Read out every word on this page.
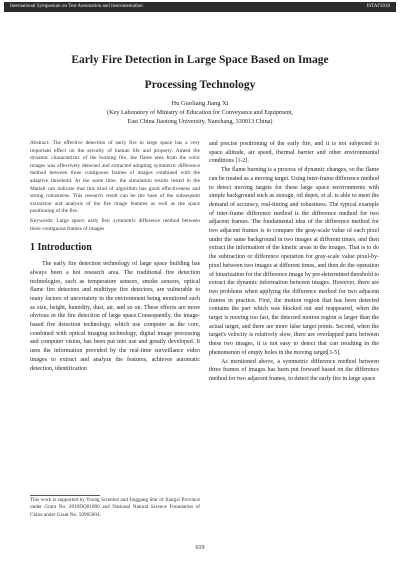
International Symposium on Test Automation and Instrumentation	ISTAI'2010
Early Fire Detection in Large Space Based on Image
Processing Technology
Hu Guoliang Jiang Xi
(Key Laboratory of Ministry of Education for Conveyance and Equipment,
East China Jiaotong University, Nanchang, 330013 China)

Abstract: The effective detection of early fire in large space has a very important effect on the security of human life and property. Aimed the dynamic characteristic of the burning fire, the flame area from the color images was effectively detected and extracted adopting symmetric difference method between three contiguous frames of images combined with the adaptive threshold. At the same time, the simulation results tested in the Matlab can indicate that this kind of algorithm has good effectiveness and strong robustness. This research result can be the base of the subsequent extraction and analysis of the fire image features as well as the space positioning of the fire.

Keywords: Large space; early fire; symmetric difference method between three contiguous frames of images

1 Introduction

The early fire detection technology of large space building has always been a hot research area. The traditional fire detection technologies, such as temperature sensors, smoke sensors, optical flame fire detectors and multitype fire detectors, are vulnerable to many factors of uncertainty in the environment being monitored such as size, height, humidity, dust, air, and so on. These effects are more obvious in the fire detection of large space.Consequently, the image-based fire detection technology, which use computer as the core, combined with optical imaging technology, digital image processing and computer vision, has been put into use and greatly developed. It uses the information provided by the real-time surveillance video images to extract and analyze the features, achieves automatic detection, identification

and precise positioning of the early fire, and it is not subjected to space altitude, air speed, thermal barrier and other environmental conditions [1-2].

The flame burning is a process of dynamic changes, so the flame can be treated as a moving target. Using inter-frame difference method to detect moving targets for these large space environments with simple background such as storage, oil depot, et al. is able to meet the demand of accuracy, real-timing and robustness. The typical example of inter-frame difference method is the difference method for two adjacent frames. The fundamental idea of the difference method for two adjacent frames is to compare the gray-scale value of each pixel under the same background in two images at different times, and then extract the information of the kinetic areas in the images. That is to do the subtraction or difference operation for gray-scale value pixel-by-pixel between two images at different times, and then do the operation of binarization for the difference image by pre-determined threshold to extract the dynamic information between images. However, there are two problems when applying the difference method for two adjacent frames in practice. First, the motion region that has been detected contains the part which was blocked out and reappeared, when the target is moving too fast, the detected motion region is larger than the actual target, and there are more false target points. Second, when the target's velocity is relatively slow, there are overlapped parts between these two images, it is not easy to detect that can resulting in the phenomenon of empty holes in the moving target[3-5].

As mentioned above, a symmetric difference method between three frames of images has been put forward based on the difference method for two adjacent frames, to detect the early fire in large space

This work is supported by Young Scientist and Jinggang Star of Jiangxi Province under Grant No. 2010DQ01800 and National Natural Science Foundation of China under Grant No. 50965004.
619
